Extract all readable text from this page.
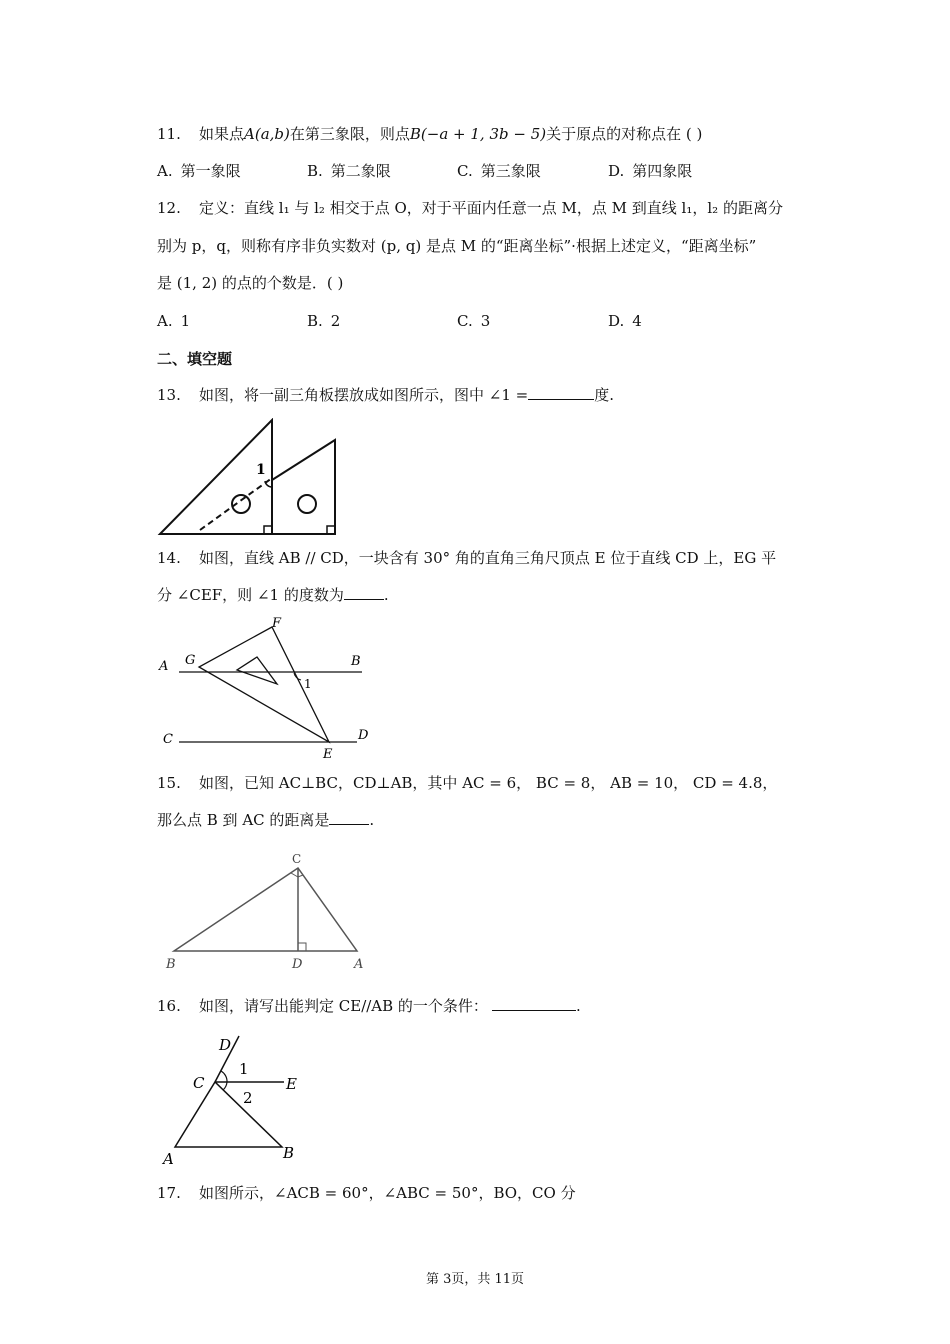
11. 如果点A(a,b)在第三象限，则点B(−a + 1, 3b − 5)关于原点的对称点在 ( )
A. 第一象限	B. 第二象限	C. 第三象限	D. 第四象限
12. 定义：直线 l₁ 与 l₂ 相交于点 O，对于平面内任意一点 M，点 M 到直线 l₁，l₂ 的距离分
别为 p，q，则称有序非负实数对 (p, q) 是点 M 的“距离坐标”·根据上述定义，“距离坐标”
是 (1, 2) 的点的个数是．( )
A. 1	B. 2	C. 3	D. 4
二、填空题
13. 如图，将一副三角板摆放成如图所示，图中 ∠1 =	度.
1
14. 如图，直线 AB // CD，一块含有 30° 角的直角三角尺顶点 E 位于直线 CD 上，EG 平
分 ∠CEF，则 ∠1 的度数为	.
A G	B
F
1
C	D
E
15. 如图，已知 AC⊥BC，CD⊥AB，其中 AC = 6， BC = 8， AB = 10， CD = 4.8，
那么点 B 到 AC 的距离是	.
C
B	D	A
16. 如图，请写出能判定 CE//AB 的一个条件：	.
D
1
C	E
2
A	B
17. 如图所示，∠ACB = 60°，∠ABC = 50°，BO，CO 分
第 3页，共 11页
